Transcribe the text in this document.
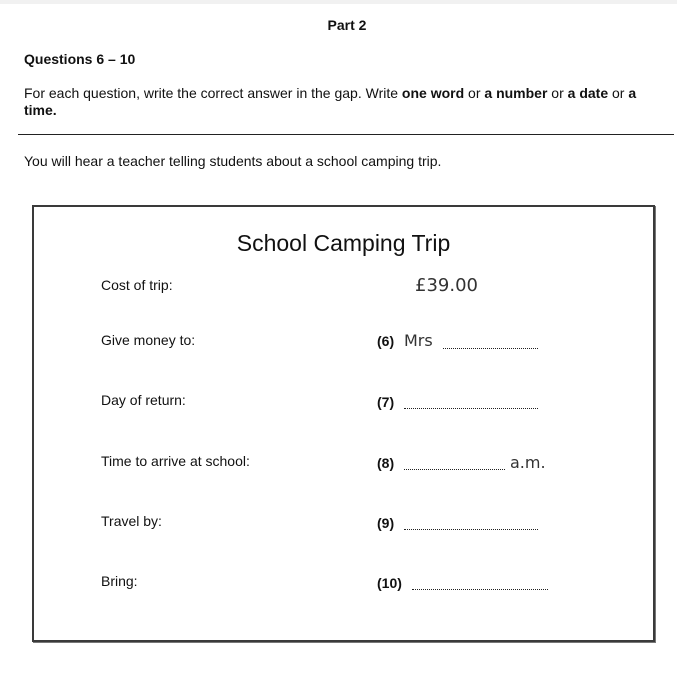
Part 2
Questions 6 – 10
For each question, write the correct answer in the gap. Write one word or a number or a date or a time.
You will hear a teacher telling students about a school camping trip.
School Camping Trip
Cost of trip:	£39.00
Give money to:	(6) Mrs
Day of return:	(7)
Time to arrive at school:	(8)	a.m.
Travel by:	(9)
Bring:	(10)
